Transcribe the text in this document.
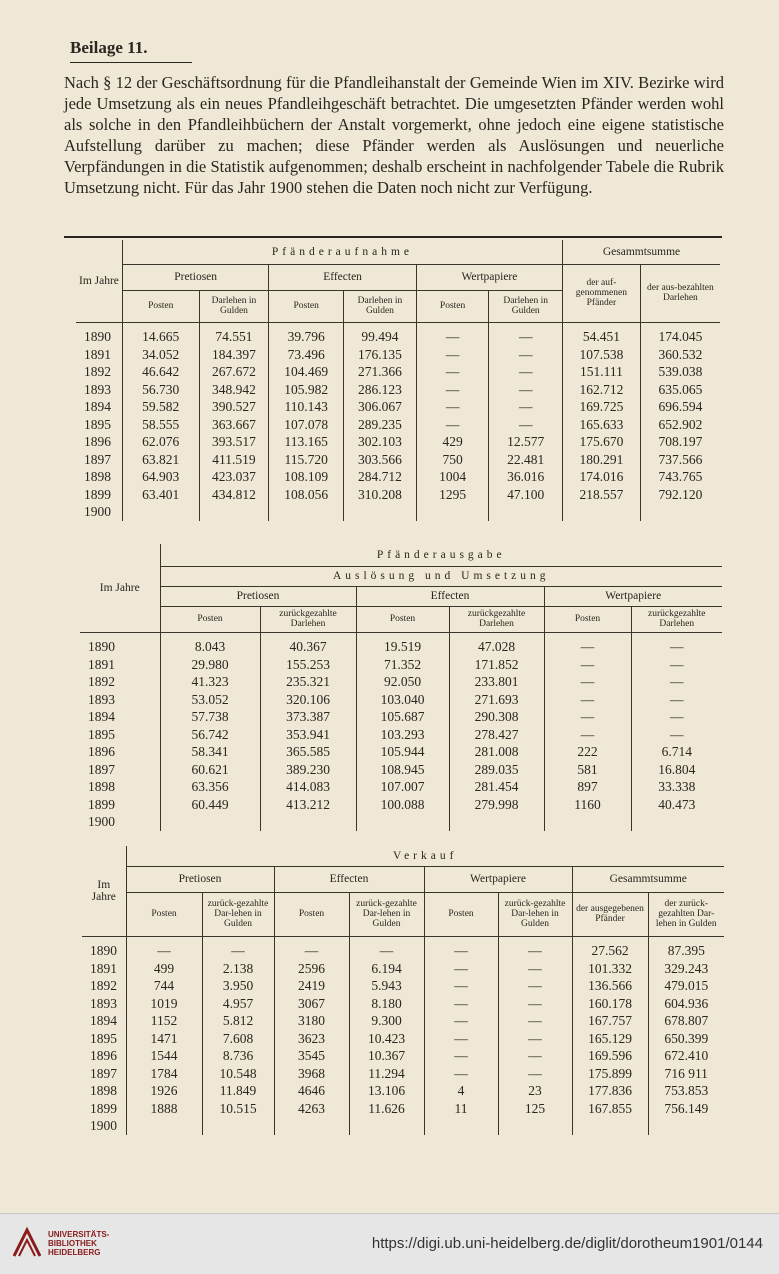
Beilage 11.
Nach § 12 der Geschäftsordnung für die Pfandleihanstalt der Gemeinde Wien im XIV. Bezirke wird jede Umsetzung als ein neues Pfandleihgeschäft betrachtet. Die umgesetzten Pfänder werden wohl als solche in den Pfandleihbüchern der Anstalt vorgemerkt, ohne jedoch eine eigene statistische Aufstellung darüber zu machen; diese Pfänder werden als Auslösungen und neuerliche Verpfändungen in die Statistik aufgenommen; deshalb erscheint in nachfolgender Tabele die Rubrik Umsetzung nicht. Für das Jahr 1900 stehen die Daten noch nicht zur Verfügung.
Im Jahre	Pfänderaufnahme						Gesammtsumme	
	Pretiosen		Effecten		Wertpapiere		der auf-genommenen Pfänder	der aus-bezahlten Darlehen
	Posten	Darlehen in Gulden	Posten	Darlehen in Gulden	Posten	Darlehen in Gulden		
1890	14.665	74.551	39.796	99.494	—	—	54.451	174.045
1891	34.052	184.397	73.496	176.135	—	—	107.538	360.532
1892	46.642	267.672	104.469	271.366	—	—	151.111	539.038
1893	56.730	348.942	105.982	286.123	—	—	162.712	635.065
1894	59.582	390.527	110.143	306.067	—	—	169.725	696.594
1895	58.555	363.667	107.078	289.235	—	—	165.633	652.902
1896	62.076	393.517	113.165	302.103	429	12.577	175.670	708.197
1897	63.821	411.519	115.720	303.566	750	22.481	180.291	737.566
1898	64.903	423.037	108.109	284.712	1004	36.016	174.016	743.765
1899	63.401	434.812	108.056	310.208	1295	47.100	218.557	792.120
1900								
Im Jahre	Pfänderausgabe					
	Auslösung und Umsetzung					
	Pretiosen		Effecten		Wertpapiere	
	Posten	zurückgezahlte Darlehen	Posten	zurückgezahlte Darlehen	Posten	zurückgezahlte Darlehen
1890	8.043	40.367	19.519	47.028	—	—
1891	29.980	155.253	71.352	171.852	—	—
1892	41.323	235.321	92.050	233.801	—	—
1893	53.052	320.106	103.040	271.693	—	—
1894	57.738	373.387	105.687	290.308	—	—
1895	56.742	353.941	103.293	278.427	—	—
1896	58.341	365.585	105.944	281.008	222	6.714
1897	60.621	389.230	108.945	289.035	581	16.804
1898	63.356	414.083	107.007	281.454	897	33.338
1899	60.449	413.212	100.088	279.998	1160	40.473
1900						
Im Jahre	Verkauf							
	Pretiosen		Effecten		Wertpapiere		Gesammtsumme	
	Posten	zurück-gezahlte Dar-lehen in Gulden	Posten	zurück-gezahlte Dar-lehen in Gulden	Posten	zurück-gezahlte Dar-lehen in Gulden	der ausgegebenen Pfänder	der zurück-gezahlten Dar-lehen in Gulden
1890	—	—	—	—	—	—	27.562	87.395
1891	499	2.138	2596	6.194	—	—	101.332	329.243
1892	744	3.950	2419	5.943	—	—	136.566	479.015
1893	1019	4.957	3067	8.180	—	—	160.178	604.936
1894	1152	5.812	3180	9.300	—	—	167.757	678.807
1895	1471	7.608	3623	10.423	—	—	165.129	650.399
1896	1544	8.736	3545	10.367	—	—	169.596	672.410
1897	1784	10.548	3968	11.294	—	—	175.899	716 911
1898	1926	11.849	4646	13.106	4	23	177.836	753.853
1899	1888	10.515	4263	11.626	11	125	167.855	756.149
1900								
UNIVERSITÄTS-
BIBLIOTHEK
HEIDELBERG
https://digi.ub.uni-heidelberg.de/diglit/dorotheum1901/0144
